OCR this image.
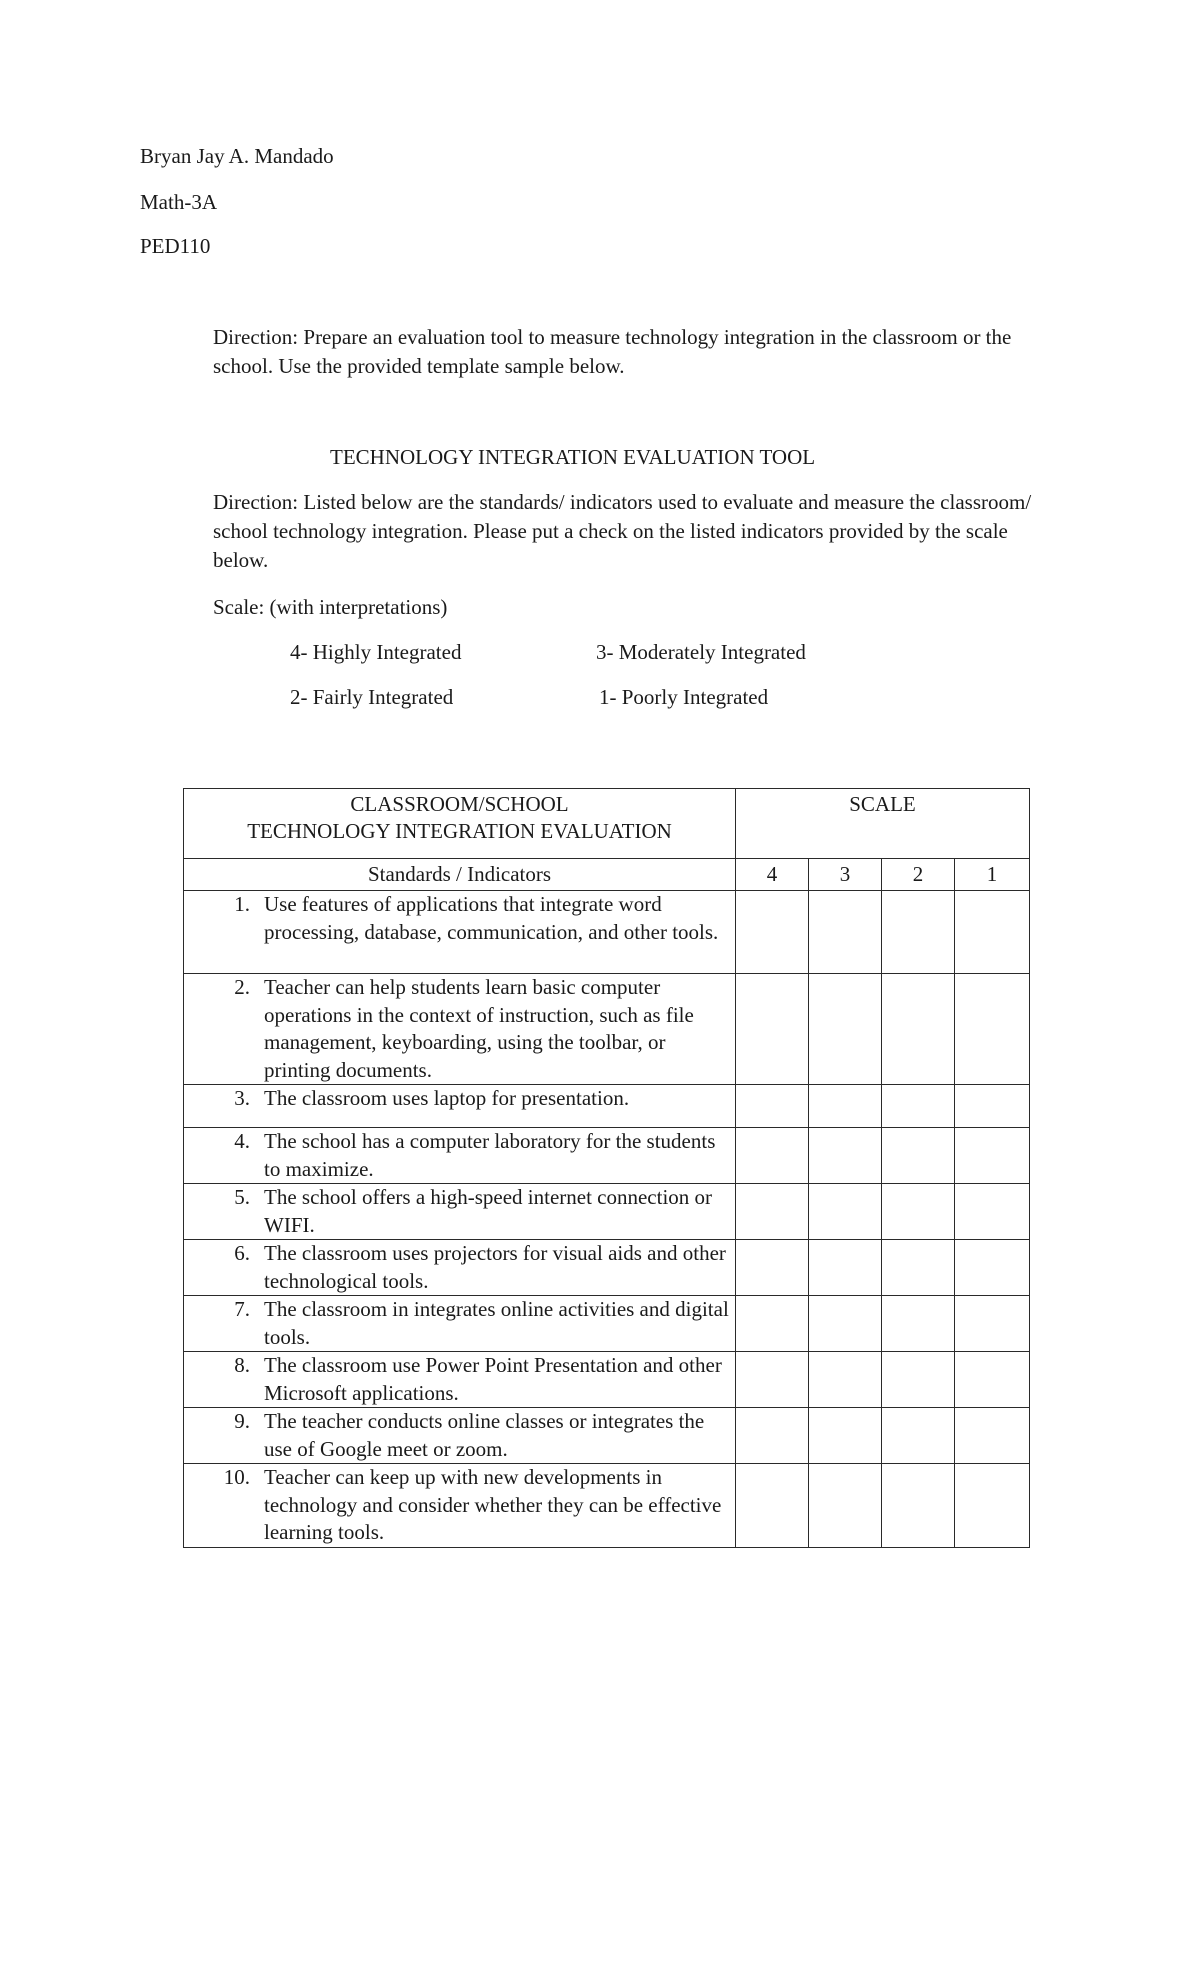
Bryan Jay A. Mandado
Math-3A
PED110
Direction: Prepare an evaluation tool to measure technology integration in the classroom or the school. Use the provided template sample below.
TECHNOLOGY INTEGRATION EVALUATION TOOL
Direction: Listed below are the standards/ indicators used to evaluate and measure the classroom/ school technology integration. Please put a check on the listed indicators provided by the scale below.
Scale: (with interpretations)
4- Highly Integrated	3- Moderately Integrated
2- Fairly Integrated	1- Poorly Integrated
CLASSROOM/SCHOOL
TECHNOLOGY INTEGRATION EVALUATION	SCALE			
Standards / Indicators	4	3	2	1

1. Use features of applications that integrate word processing, database, communication, and other tools.				

2. Teacher can help students learn basic computer operations in the context of instruction, such as file management, keyboarding, using the toolbar, or printing documents.				

3. The classroom uses laptop for presentation.				

4. The school has a computer laboratory for the students to maximize.				

5. The school offers a high-speed internet connection or WIFI.				

6. The classroom uses projectors for visual aids and other technological tools.				

7. The classroom in integrates online activities and digital tools.				

8. The classroom use Power Point Presentation and other Microsoft applications.				

9. The teacher conducts online classes or integrates the use of Google meet or zoom.				

10. Teacher can keep up with new developments in technology and consider whether they can be effective learning tools.				
